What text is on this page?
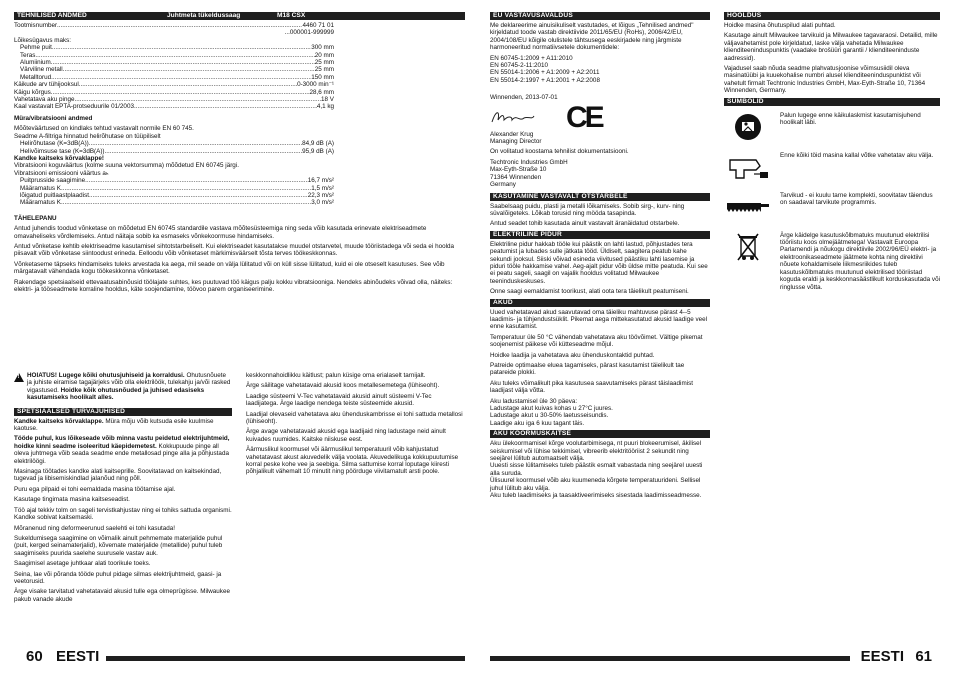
TEHNILISED ANDMED	Juhtmeta tükeldussaag	M18 CSX
Tootmisnumber .....	4460 71 01
...000001-999999
Lõikesügavus maks:
Pehme puit .....	300 mm
Teras .....	20 mm
Alumiinium .....	25 mm
Värviline metall .....	25 mm
Metalltorud .....	150 mm
Käikude arv tühijooksul .....	0-3000 min⁻¹
Käigu kõrgus .....	28,6 mm
Vahetatava aku pinge .....	18 V
Kaal vastavalt EPTA-protseduurile 01/2003 .....	4,1 kg

Müra/vibratsiooni andmed

Mõõteväärtused on kindlaks tehtud vastavalt normile EN 60 745.
Seadme A-filtriga hinnatud helirõhutase on tüüpiliselt
Helirõhutase (K=3dB(A)) .....	84,9 dB (A)
Helivõimsuse tase (K=3dB(A)) .....	95,9 dB (A)
Kandke kaitseks kõrvaklappe!
Vibratsiooni koguväärtus (kolme suuna vektorsumma) mõõdetud EN 60745 järgi.
Vibratsiooni emissiooni väärtus aₕ
Puitprusside saagimine .....	16,7 m/s²
Määramatus K .....	1,5 m/s²
lõigatud puitlaastplaadist .....	22,3 m/s²
Määramatus K .....	3,0 m/s²

TÄHELEPANU

Antud juhendis toodud võnketase on mõõdetud EN 60745 standardile vastava mõõtesüsteemiga ning seda võib kasutada erinevate elektriseadmete omavaheliseks võrdlemiseks. Antud näitaja sobib ka esmaseks võnkekoormuse hindamiseks.

Antud võnketase kehtib elektriseadme kasutamisel sihtotstarbeliselt. Kui elektriseadet kasutatakse muudel otstarvetel, muude tööriistadega või seda ei hoolda piisavalt võib võnketase siintoodust erineda. Eelloodu võib võnketaset märkimisväärselt tõsta terves töökeskkonnas.

Võnketaseme täpseks hindamiseks tuleks arvestada ka aega, mil seade on välja lülitatud või on küll sisse lülitatud, kuid ei ole otseselt kasutuses. See võib märgatavalt vähendada kogu töökeskkonna võnketaset.

Rakendage spetsiaalseid ettevaatusabinõusid töölajate suhtes, kes puutuvad töö käigus palju kokku vibratsiooniga. Nendeks abinõudeks võivad olla, näiteks: elektri- ja tööseadmete korraline hooldus, käte soojendamine, töövoo parem organiseerimine.

!
HOIATUS! Lugege kõiki ohutusjuhiseid ja korraldusi. Ohutusnõuete ja juhiste eiramise tagajärjeks võib olla elektrilöök, tulekahju ja/või rasked vigastused. Hoidke kõik ohutusnõuded ja juhised edasiseks kasutamiseks hoolikalt alles.
SPETSIAALSED TURVAJUHISED

Kandke kaitseks kõrvaklappe. Müra mõju võib kutsuda esile kuulmise kaotuse.

Tööde puhul, kus lõikeseade võib minna vastu peidetud elektrijuhtmeid, hoidke kinni seadme isoleeritud käepidemetest. Kokkupuude pinge all oleva juhtmega võib seada seadme ende metallosad pinge alla ja põhjustada elektrilöögi.

Masinaga töötades kandke alati kaitseprille. Soovitatavad on kaitsekindad, tugevad ja libisemiskindlad jalanõud ning põll.

Puru ega pilpaid ei tohi eemaldada masina töötamise ajal.

Kasutage tingimata masina kaitseseadist.

Töö ajal tekkiv tolm on sageli tervistkahjustav ning ei tohiks sattuda organismi. Kandke sobivat kaitsemaski.

Mõranenud ning deformeerunud saelehti ei tohi kasutada!

Sukeldumisega saagimine on võimalik ainult pehmemate materjalide puhul (puit, kerged seinamaterjalid), kõvemate materjalide (metallide) puhul tuleb saagimiseks puurida saelehe suurusele vastav auk.

Saagimisel asetage juhtkaar alati toorikule toeks.

Seina, lae või põranda tööde puhul pidage silmas elektrijuhtmeid, gaasi- ja veetorusid.

Ärge visake tarvitatud vahetatavaid akusid tulle ega olmeprügisse. Milwaukee pakub vanade akude

keskkonnahoidlikku käitlust; palun küsige oma erialaselt tarnijalt.

Ärge säilitage vahetatavaid akusid koos metallesemetega (lühiseoht).

Laadige süsteemi V-Tec vahetatavaid akusid ainult süsteemi V-Tec laadijatega. Ärge laadige nendega teiste süsteemide akusid.

Laadijal olevaseid vahetatava aku ühenduskambrisse ei tohi sattuda metallosi (lühiseoht).

Ärge avage vahetatavaid akusid ega laadijaid ning ladustage neid ainult kuivades ruumides. Kaitske niiskuse eest.

Äärmuslikul koormusel või äärmuslikul temperatuuril võib kahjustatud vahetatavast akust akuvedelik välja voolata. Akuvedelikuga kokkupuutumise korral peske kohe vee ja seebiga. Silma sattumise korral loputage kiiresti põhjalikult vähemalt 10 minutit ning pöörduge viivitamatult arsti poole.

EU VASTAVUSAVALDUS

Me deklareerime ainuisikuliselt vastutades, et lõigus „Tehnilised andmed" kirjeldatud toode vastab direktiivide 2011/65/EU (RoHs), 2006/42/EU, 2004/108/EU kõigile olulistele tähtsusega eeskirjadele ning järgmiste harmoneeritud normatiivsetele dokumentidele:

EN 60745-1:2009 + A11:2010
EN 60745-2-11:2010
EN 55014-1:2006 + A1:2009 + A2:2011
EN 55014-2:1997 + A1:2001 + A2:2008

Winnenden, 2013-07-01

CE
Alexander Krug
Managing Director

On volitatud koostama tehnilist dokumentatsiooni.

Techtronic Industries GmbH
Max-Eyth-Straße 10
71364 Winnenden
Germany
KASUTAMINE VASTAVALT OTSTARBELE

Saabelsaag puidu, plasti ja metalli lõikamiseks. Sobib sirg-, kurv- ning süvalõigeteks. Lõikab torusid ning mööda tasapinda.

Antud seadet tohib kasutada ainult vastavalt äranäidatud otstarbele.

ELEKTRILINE PIDUR

Elektriline pidur hakkab tööle kui päästik on lahti lastud, põhjustades tera peatumist ja lubades sulle jätkata tööd. Üldiselt, saagitera peatub kahe sekundi jooksul. Siiski võivad esineda viivitused päästiku lahti lasemise ja piduri tööle hakkamise vahel. Aeg-ajalt pidur võib üldse mitte peatuda. Kui see ei peatu sageli, saagil on vajalik hooldus volitatud Milwaukee teeninduskeskuses.

Onne saagi eemaldamist toorikust, alati oota tera täielikult peatumiseni.

AKUD

Uued vahetatavad akud saavutavad oma täieliku mahtuvuse pärast 4--5 laadimis- ja tühjendustsüklit. Pikemat aega mittekasutatud akusid laadige veel enne kasutamist.

Temperatuur üle 50 °C vähendab vahetatava aku töövõimet. Vältige pikemat soojenemist päikese või kütteseadme mõjul.

Hoidke laadija ja vahetatava aku ühenduskontaktid puhtad.

Patreide optimaalse eluea tagamiseks, pärast kasutamist täielikult tae patareide plokki.

Aku tuleks võimalikult pika kasutusea saavutamiseks pärast täislaadimist laadijast välja võtta.

Aku ladustamisel üle 30 päeva:
Ladustage akut kuivas kohas u 27°C juures.
Ladustage akut u 30-50% laetusseisundis.
Laadige aku iga 6 kuu tagant täis.

AKU KOORMUSKAITSE

Aku ülekoormamisel kõrge voolutarbimisega, nt puuri blokeerumisel, äkilisel seiskumisel või lühise tekkimisel, vibreerib elektritööriist 2 sekundit ning seejärel lülitub automaatselt välja.
Uuesti sisse lülitamiseks tuleb päästik esmalt vabastada ning seejärel uuesti alla suruda.
Ülisuurel koormusel võib aku kuumeneda kõrgete temperatuurideni. Sellisel juhul lülitub aku välja.
Aku tuleb laadimiseks ja taasaktiveerimiseks sisestada laadimisseadmesse.

HOOLDUS

Hoidke masina õhutuspilud alati puhtad.

Kasutage ainult Milwaukee tarvikuid ja Milwaukee tagavaraosi. Detailid, mille väljavahetamist pole kirjeldatud, laske välja vahetada Milwaukee klienditeeninduspunktis (vaadake brošüüri garantii / klienditeeninduste aadressid).

Vajadusel saab nõuda seadme plahvatusjoonise võimsusiidil oleva masinatüübi ja kuuekohalise numbri alusel klienditeeninduspunktist või vahetult firmalt Techtronic Industries GmbH, Max-Eyth-Straße 10, 71364 Winnenden, Germany.

SÜMBOLID
Palun lugege enne käikulaskmist kasutamisjuhend hoolikalt läbi.
Enne kõiki töid masina kallal võtke vahetatav aku välja.
Tarvikud - ei kuulu tarne komplekti, soovitatav täiendus on saadaval tarvikute programmis.
Ärge käidelge kasutuskõlbmatuks muutunud elektrilisi tööriistu koos olmejäätmetega! Vastavalt Euroopa Parlamendi ja nõukogu direktiivile 2002/96/EÜ elektri- ja elektroonikaseadmete jäätmete kohta ning direktiivi nõuete kohaldamisele liikmesriikides tuleb kasutuskõlbmatuks muutunud elektrilised tööriistad koguda eraldi ja keskkonnasäästlikult korduskasutada või ringlusse võtta.
60 EESTI	EESTI 61
